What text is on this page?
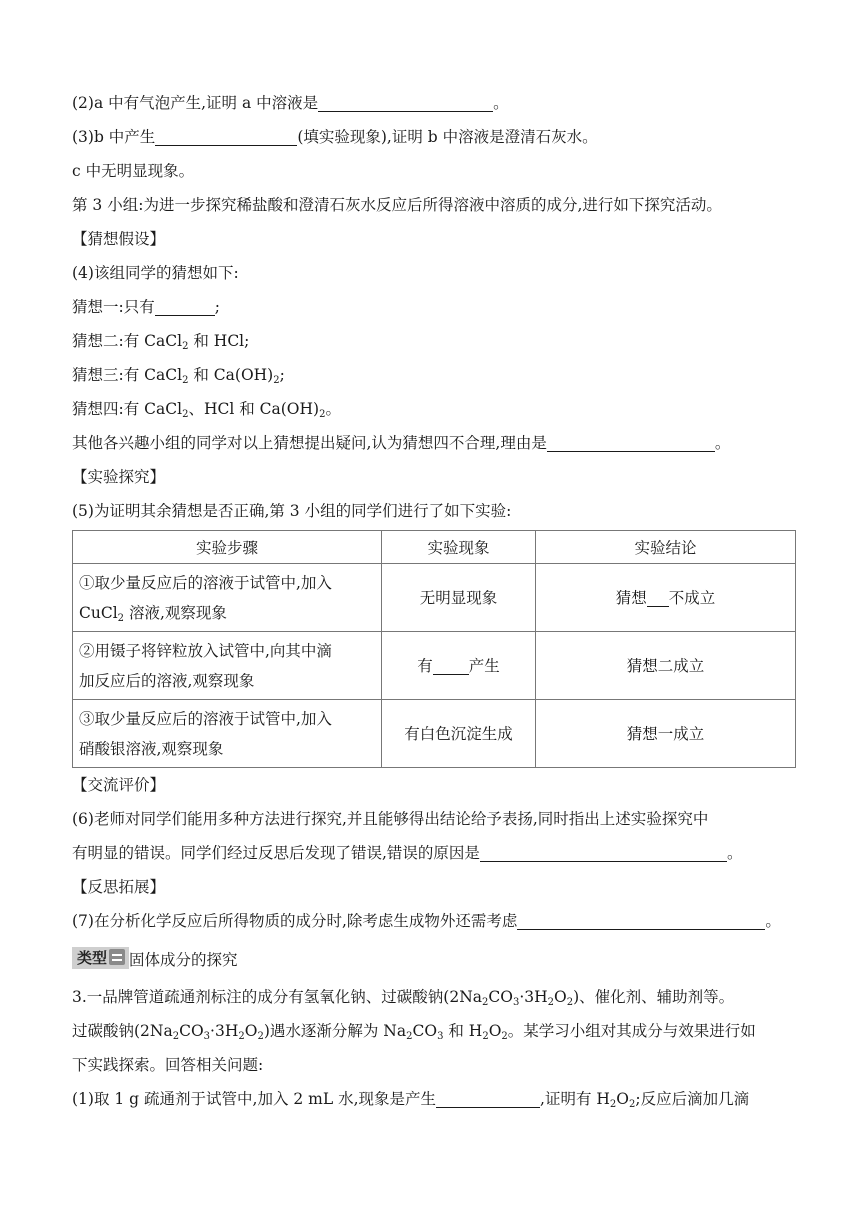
(2)a 中有气泡产生,证明 a 中溶液是	。
(3)b 中产生	(填实验现象),证明 b 中溶液是澄清石灰水。
c 中无明显现象。
第 3 小组:为进一步探究稀盐酸和澄清石灰水反应后所得溶液中溶质的成分,进行如下探究活动。
【猜想假设】
(4)该组同学的猜想如下:
猜想一:只有	;
猜想二:有 CaCl$_2$ 和 HCl;
猜想三:有 CaCl$_2$ 和 $Ca(OH)_2$;
猜想四:有 CaCl$_2$、HCl 和 $Ca(OH)_2$。
其他各兴趣小组的同学对以上猜想提出疑问,认为猜想四不合理,理由是	。
【实验探究】
(5)为证明其余猜想是否正确,第 3 小组的同学们进行了如下实验:
实验步骤	实验现象	实验结论

①取少量反应后的溶液于试管中,加入
CuCl$_2$ 溶液,观察现象	无明显现象	猜想 不成立

②用镊子将锌粒放入试管中,向其中滴
加反应后的溶液,观察现象	有 产生	猜想二成立

③取少量反应后的溶液于试管中,加入
硝酸银溶液,观察现象	有白色沉淀生成	猜想一成立
【交流评价】
(6)老师对同学们能用多种方法进行探究,并且能够得出结论给予表扬,同时指出上述实验探究中
有明显的错误。同学们经过反思后发现了错误,错误的原因是	。
【反思拓展】
(7)在分析化学反应后所得物质的成分时,除考虑生成物外还需考虑	。
类型 固体成分的探究
3.一品牌管道疏通剂标注的成分有氢氧化钠、过碳酸钠$(2Na_2CO_3\cdot 3H_2O_2)$、催化剂、辅助剂等。
过碳酸钠$(2Na_2CO_3\cdot 3H_2O_2)$遇水逐渐分解为 $Na_2CO_3$ 和 $H_2O_2$。某学习小组对其成分与效果进行如
下实践探索。回答相关问题:
(1)取 1 g 疏通剂于试管中,加入 2 mL 水,现象是产生	,证明有 $H_2O_2$;反应后滴加几滴
